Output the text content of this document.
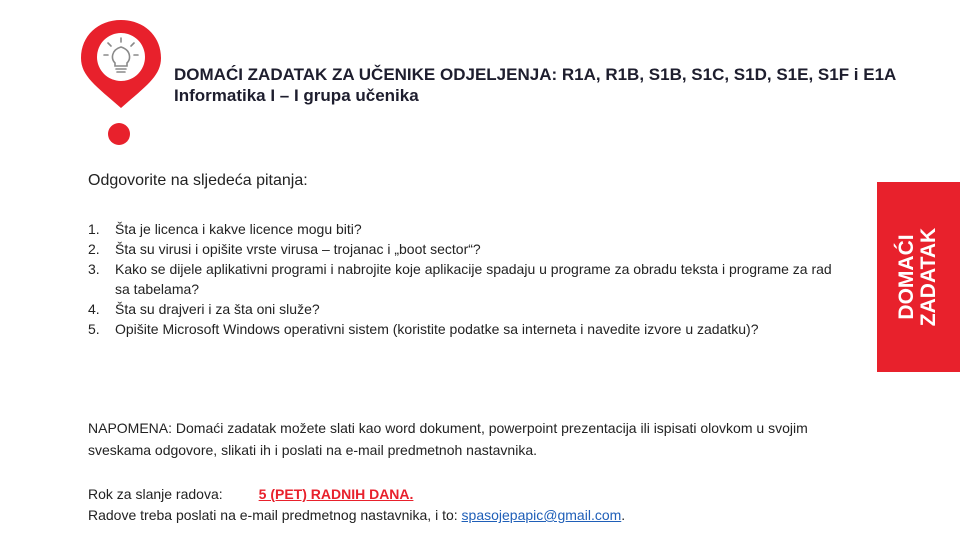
DOMAĆI ZADATAK ZA UČENIKE ODJELJENJA: R1A, R1B, S1B, S1C, S1D, S1E, S1F i E1A
Informatika I – I grupa učenika
DOMAĆI ZADATAK
Odgovorite na sljedeća pitanja:
1.	Šta je licenca i kakve licence mogu biti?
2.	Šta su virusi i opišite vrste virusa – trojanac i „boot sector“?
3.	Kako se dijele aplikativni programi i nabrojite koje aplikacije spadaju u programe za obradu teksta i programe za rad sa tabelama?
4.	Šta su drajveri i za šta oni služe?
5.	Opišite Microsoft Windows operativni sistem (koristite podatke sa interneta i navedite izvore u zadatku)?
NAPOMENA: Domaći zadatak možete slati kao word dokument, powerpoint prezentacija ili ispisati olovkom u svojim sveskama odgovore, slikati ih i poslati na e-mail predmetnoh nastavnika.
Rok za slanje radova:	5 (PET) RADNIH DANA.
Radove treba poslati na e-mail predmetnog nastavnika, i to: spasojepapic@gmail.com.
